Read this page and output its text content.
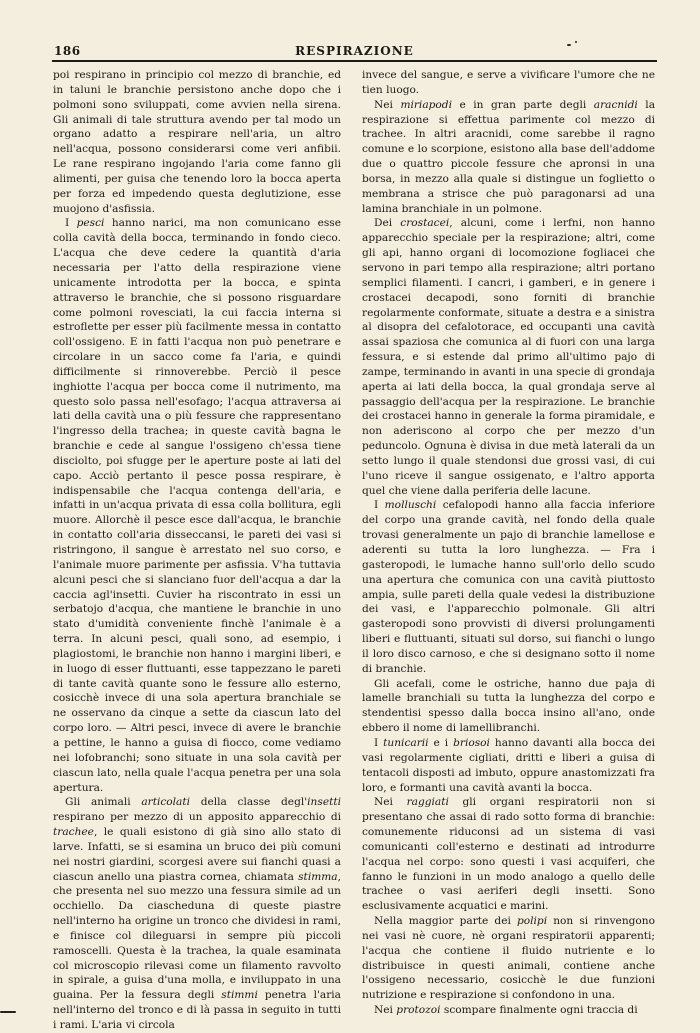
186	RESPIRAZIONE

poi respirano in principio col mezzo di branchie, ed in taluni le branchie persistono anche dopo che i polmoni sono sviluppati, come avvien nella sirena. Gli animali di tale struttura avendo per tal modo un organo adatto a respirare nell'aria, un altro nell'acqua, possono considerarsi come veri anfibii. Le rane respirano ingojando l'aria come fanno gli alimenti, per guisa che tenendo loro la bocca aperta per forza ed impedendo questa deglutizione, esse muojono d'asfissia.

I pesci hanno narici, ma non comunicano esse colla cavità della bocca, terminando in fondo cieco. L'acqua che deve cedere la quantità d'aria necessaria per l'atto della respirazione viene unicamente introdotta per la bocca, e spinta attraverso le branchie, che si possono risguardare come polmoni rovesciati, la cui faccia interna si estroflette per esser più facilmente messa in contatto coll'ossigeno. E in fatti l'acqua non può penetrare e circolare in un sacco come fa l'aria, e quindi difficilmente si rinnoverebbe. Perciò il pesce inghiotte l'acqua per bocca come il nutrimento, ma questo solo passa nell'esofago; l'acqua attraversa ai lati della cavità una o più fessure che rappresentano l'ingresso della trachea; in queste cavità bagna le branchie e cede al sangue l'ossigeno ch'essa tiene disciolto, poi sfugge per le aperture poste ai lati del capo. Acciò pertanto il pesce possa respirare, è indispensabile che l'acqua contenga dell'aria, e infatti in un'acqua privata di essa colla bollitura, egli muore. Allorchè il pesce esce dall'acqua, le branchie in contatto coll'aria disseccansi, le pareti dei vasi si ristringono, il sangue è arrestato nel suo corso, e l'animale muore parimente per asfissia. V'ha tuttavia alcuni pesci che si slanciano fuor dell'acqua a dar la caccia agl'insetti. Cuvier ha riscontrato in essi un serbatojo d'acqua, che mantiene le branchie in uno stato d'umidità conveniente finchè l'animale è a terra. In alcuni pesci, quali sono, ad esempio, i plagiostomi, le branchie non hanno i margini liberi, e in luogo di esser fluttuanti, esse tappezzano le pareti di tante cavità quante sono le fessure allo esterno, cosicchè invece di una sola apertura branchiale se ne osservano da cinque a sette da ciascun lato del corpo loro. — Altri pesci, invece di avere le branchie a pettine, le hanno a guisa di fiocco, come vediamo nei lofobranchi; sono situate in una sola cavità per ciascun lato, nella quale l'acqua penetra per una sola apertura.

Gli animali articolati della classe degl'insetti respirano per mezzo di un apposito apparecchio di trachee, le quali esistono di già sino allo stato di larve. Infatti, se si esamina un bruco dei più comuni nei nostri giardini, scorgesi avere sui fianchi quasi a ciascun anello una piastra cornea, chiamata stimma, che presenta nel suo mezzo una fessura simile ad un occhiello. Da ciascheduna di queste piastre nell'interno ha origine un tronco che dividesi in rami, e finisce col dileguarsi in sempre più piccoli ramoscelli. Questa è la trachea, la quale esaminata col microscopio rilevasi come un filamento ravvolto in spirale, a guisa d'una molla, e inviluppato in una guaina. Per la fessura degli stimmi penetra l'aria nell'interno del tronco e di là passa in seguito in tutti i rami. L'aria vi circola

invece del sangue, e serve a vivificare l'umore che ne tien luogo.

Nei miriapodi e in gran parte degli aracnidi la respirazione si effettua parimente col mezzo di trachee. In altri aracnidi, come sarebbe il ragno comune e lo scorpione, esistono alla base dell'addome due o quattro piccole fessure che apronsi in una borsa, in mezzo alla quale si distingue un foglietto o membrana a strisce che può paragonarsi ad una lamina branchiale in un polmone.

Dei crostacei, alcuni, come i lerfni, non hanno apparecchio speciale per la respirazione; altri, come gli api, hanno organi di locomozione fogliacei che servono in pari tempo alla respirazione; altri portano semplici filamenti. I cancri, i gamberi, e in genere i crostacei decapodi, sono forniti di branchie regolarmente conformate, situate a destra e a sinistra al disopra del cefalotorace, ed occupanti una cavità assai spaziosa che comunica al di fuori con una larga fessura, e si estende dal primo all'ultimo pajo di zampe, terminando in avanti in una specie di grondaja aperta ai lati della bocca, la qual grondaja serve al passaggio dell'acqua per la respirazione. Le branchie dei crostacei hanno in generale la forma piramidale, e non aderiscono al corpo che per mezzo d'un peduncolo. Ognuna è divisa in due metà laterali da un setto lungo il quale stendonsi due grossi vasi, di cui l'uno riceve il sangue ossigenato, e l'altro apporta quel che viene dalla periferia delle lacune.

I molluschi cefalopodi hanno alla faccia inferiore del corpo una grande cavità, nel fondo della quale trovasi generalmente un pajo di branchie lamellose e aderenti su tutta la loro lunghezza. — Fra i gasteropodi, le lumache hanno sull'orlo dello scudo una apertura che comunica con una cavità piuttosto ampia, sulle pareti della quale vedesi la distribuzione dei vasi, e l'apparecchio polmonale. Gli altri gasteropodi sono provvisti di diversi prolungamenti liberi e fluttuanti, situati sul dorso, sui fianchi o lungo il loro disco carnoso, e che si designano sotto il nome di branchie.

Gli acefali, come le ostriche, hanno due paja di lamelle branchiali su tutta la lunghezza del corpo e stendentisi spesso dalla bocca insino all'ano, onde ebbero il nome di lamellibranchi.

I tunicarii e i briosoi hanno davanti alla bocca dei vasi regolarmente cigliati, dritti e liberi a guisa di tentacoli disposti ad imbuto, oppure anastomizzati fra loro, e formanti una cavità avanti la bocca.

Nei raggiati gli organi respiratorii non si presentano che assai di rado sotto forma di branchie: comunemente riduconsi ad un sistema di vasi comunicanti coll'esterno e destinati ad introdurre l'acqua nel corpo: sono questi i vasi acquiferi, che fanno le funzioni in un modo analogo a quello delle trachee o vasi aeriferi degli insetti. Sono esclusivamente acquatici e marini.

Nella maggior parte dei polipi non si rinvengono nei vasi nè cuore, nè organi respiratorii apparenti; l'acqua che contiene il fluido nutriente e lo distribuisce in questi animali, contiene anche l'ossigeno necessario, cosicchè le due funzioni nutrizione e respirazione si confondono in una.

Nei protozoi scompare finalmente ogni traccia di
